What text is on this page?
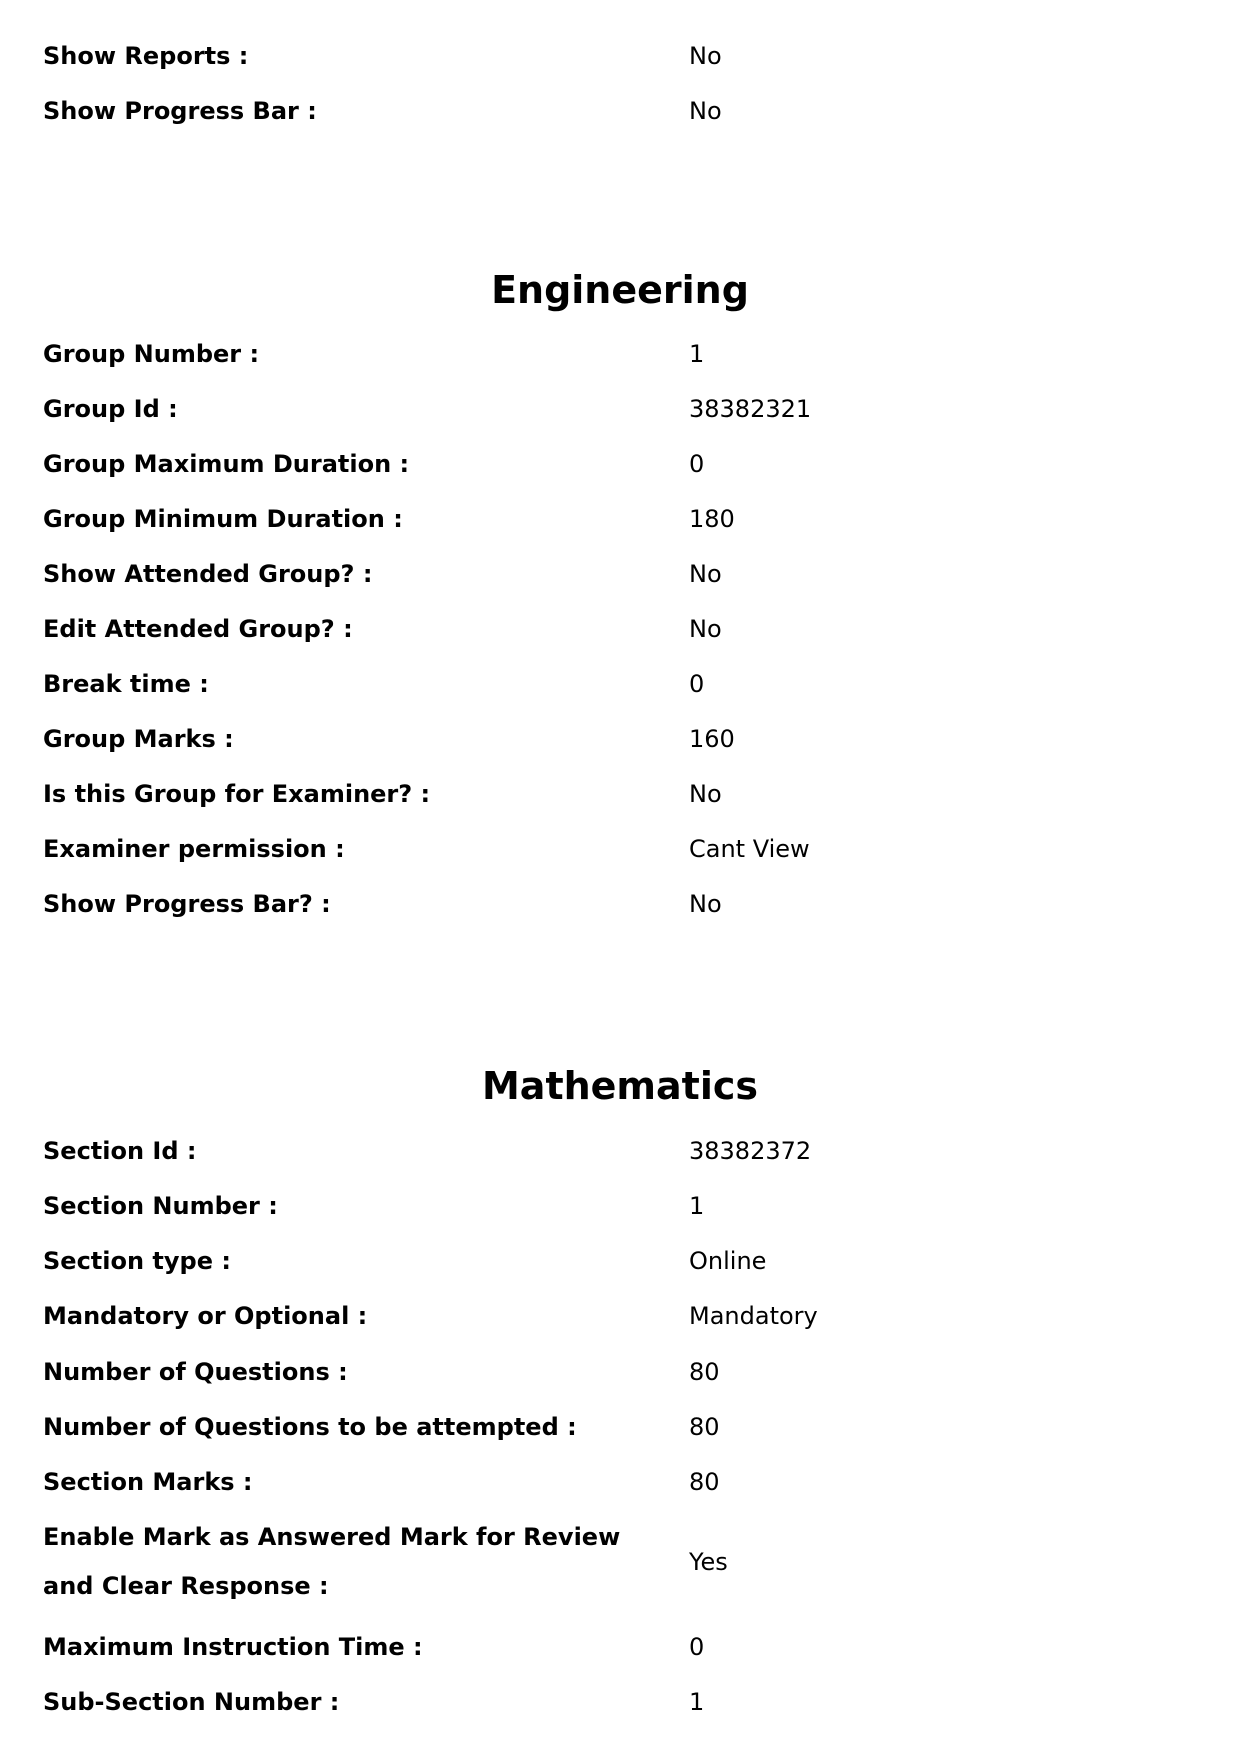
Show Reports :	No
Show Progress Bar :	No
Engineering
Group Number :	1
Group Id :	38382321
Group Maximum Duration :	0
Group Minimum Duration :	180
Show Attended Group? :	No
Edit Attended Group? :	No
Break time :	0
Group Marks :	160
Is this Group for Examiner? :	No
Examiner permission :	Cant View
Show Progress Bar? :	No
Mathematics
Section Id :	38382372
Section Number :	1
Section type :	Online
Mandatory or Optional :	Mandatory
Number of Questions :	80
Number of Questions to be attempted :	80
Section Marks :	80
Enable Mark as Answered Mark for Review and Clear Response :
Yes
Maximum Instruction Time :	0
Sub-Section Number :	1
